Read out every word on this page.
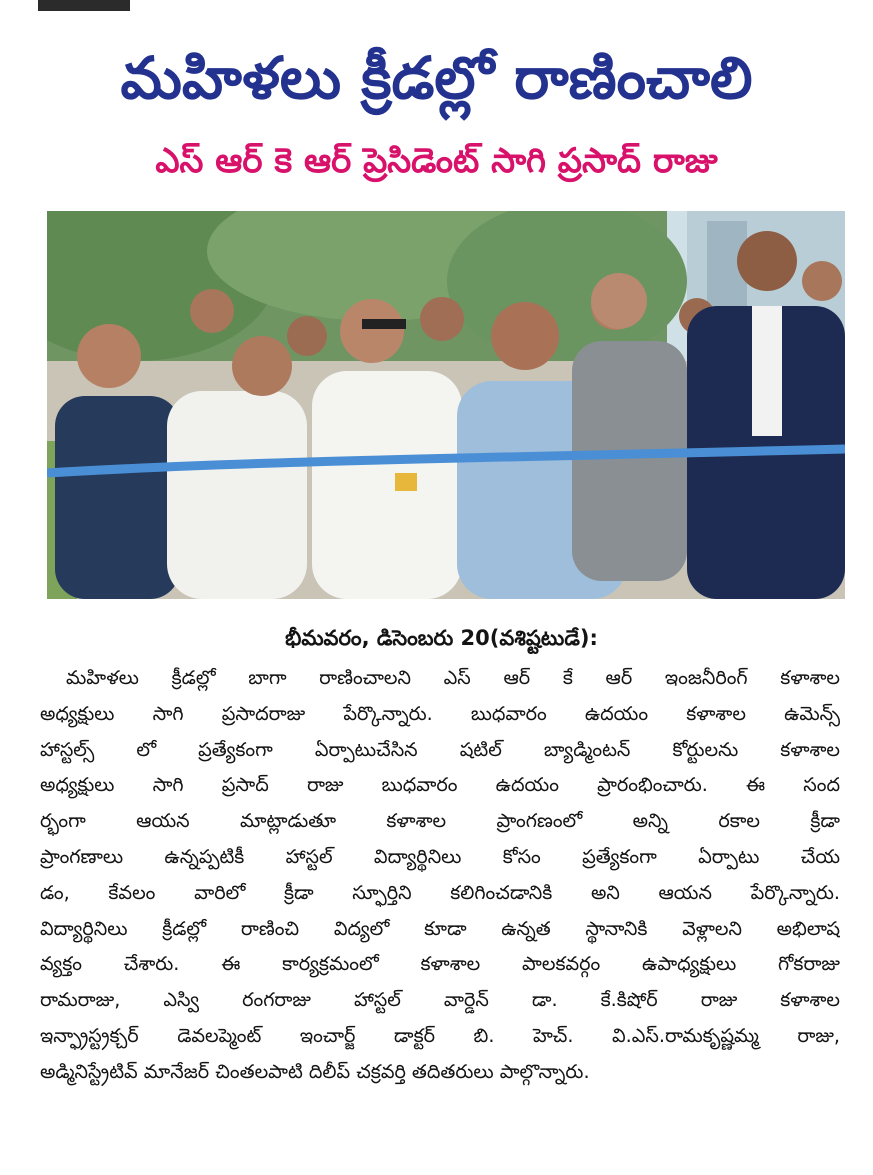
మహిళలు క్రీడల్లో రాణించాలి
ఎస్ ఆర్ కె ఆర్ ప్రెసిడెంట్ సాగి ప్రసాద్ రాజు
భీమవరం, డిసెంబరు 20(వశిష్టటుడే):
మహిళలు క్రీడల్లో బాగా రాణించాలని ఎస్ ఆర్ కే ఆర్ ఇంజనీరింగ్ కళాశాల
అధ్యక్షులు సాగి ప్రసాదరాజు పేర్కొన్నారు. బుధవారం ఉదయం కళాశాల ఉమెన్స్
హాస్టల్స్ లో ప్రత్యేకంగా ఏర్పాటుచేసిన షటిల్ బ్యాడ్మింటన్ కోర్టులను కళాశాల
అధ్యక్షులు సాగి ప్రసాద్ రాజు బుధవారం ఉదయం ప్రారంభించారు. ఈ సంద
ర్భంగా ఆయన మాట్లాడుతూ కళాశాల ప్రాంగణంలో అన్ని రకాల క్రీడా
ప్రాంగణాలు ఉన్నప్పటికీ హాస్టల్ విద్యార్థినిలు కోసం ప్రత్యేకంగా ఏర్పాటు చేయ
డం, కేవలం వారిలో క్రీడా స్ఫూర్తిని కలిగించడానికి అని ఆయన పేర్కొన్నారు.
విద్యార్థినిలు క్రీడల్లో రాణించి విద్యలో కూడా ఉన్నత స్థానానికి వెళ్లాలని అభిలాష
వ్యక్తం చేశారు. ఈ కార్యక్రమంలో కళాశాల పాలకవర్గం ఉపాధ్యక్షులు గోకరాజు
రామరాజు, ఎస్వి రంగరాజు హాస్టల్ వార్డెన్ డా. కే.కిషోర్ రాజు కళాశాల
ఇన్ఫ్రాస్ట్రక్చర్ డెవలప్మెంట్ ఇంచార్జ్ డాక్టర్ బి. హెచ్. వి.ఎస్.రామకృష్ణమ్మ రాజు,
అడ్మినిస్ట్రేటివ్ మానేజర్ చింతలపాటి దిలీప్ చక్రవర్తి తదితరులు పాల్గొన్నారు.
